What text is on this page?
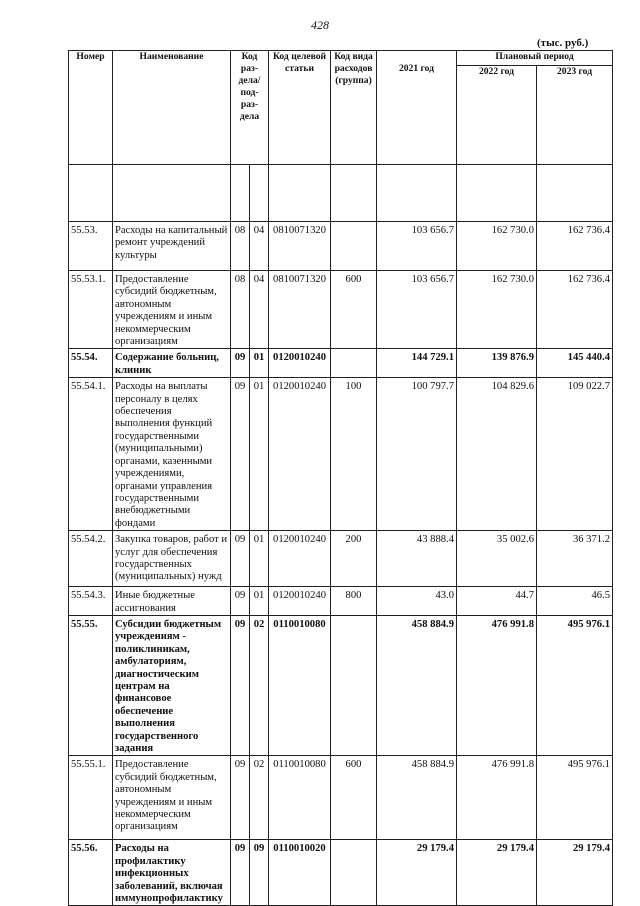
428
(тыс. руб.)
Номер	Наименование	Код раз- дела/ под- раз- дела		Код целевой статьи	Код вида расходов (группа)	2021 год	Плановый период	
							2022 год	2023 год

55.53.	Расходы на капитальный ремонт учреждений культуры	08	04	0810071320		103 656.7	162 730.0	162 736.4
55.53.1.	Предоставление субсидий бюджетным, автономным учреждениям и иным некоммерческим организациям	08	04	0810071320	600	103 656.7	162 730.0	162 736.4
55.54.	Содержание больниц, клиник	09	01	0120010240		144 729.1	139 876.9	145 440.4
55.54.1.	Расходы на выплаты персоналу в целях обеспечения выполнения функций государственными (муниципальными) органами, казенными учреждениями, органами управления государственными внебюджетными фондами	09	01	0120010240	100	100 797.7	104 829.6	109 022.7
55.54.2.	Закупка товаров, работ и услуг для обеспечения государственных (муниципальных) нужд	09	01	0120010240	200	43 888.4	35 002.6	36 371.2
55.54.3.	Иные бюджетные ассигнования	09	01	0120010240	800	43.0	44.7	46.5
55.55.	Субсидии бюджетным учреждениям - поликлиникам, амбулаториям, диагностическим центрам на финансовое обеспечение выполнения государственного задания	09	02	0110010080		458 884.9	476 991.8	495 976.1
55.55.1.	Предоставление субсидий бюджетным, автономным учреждениям и иным некоммерческим организациям	09	02	0110010080	600	458 884.9	476 991.8	495 976.1
55.56.	Расходы на профилактику инфекционных заболеваний, включая иммунопрофилактику	09	09	0110010020		29 179.4	29 179.4	29 179.4
